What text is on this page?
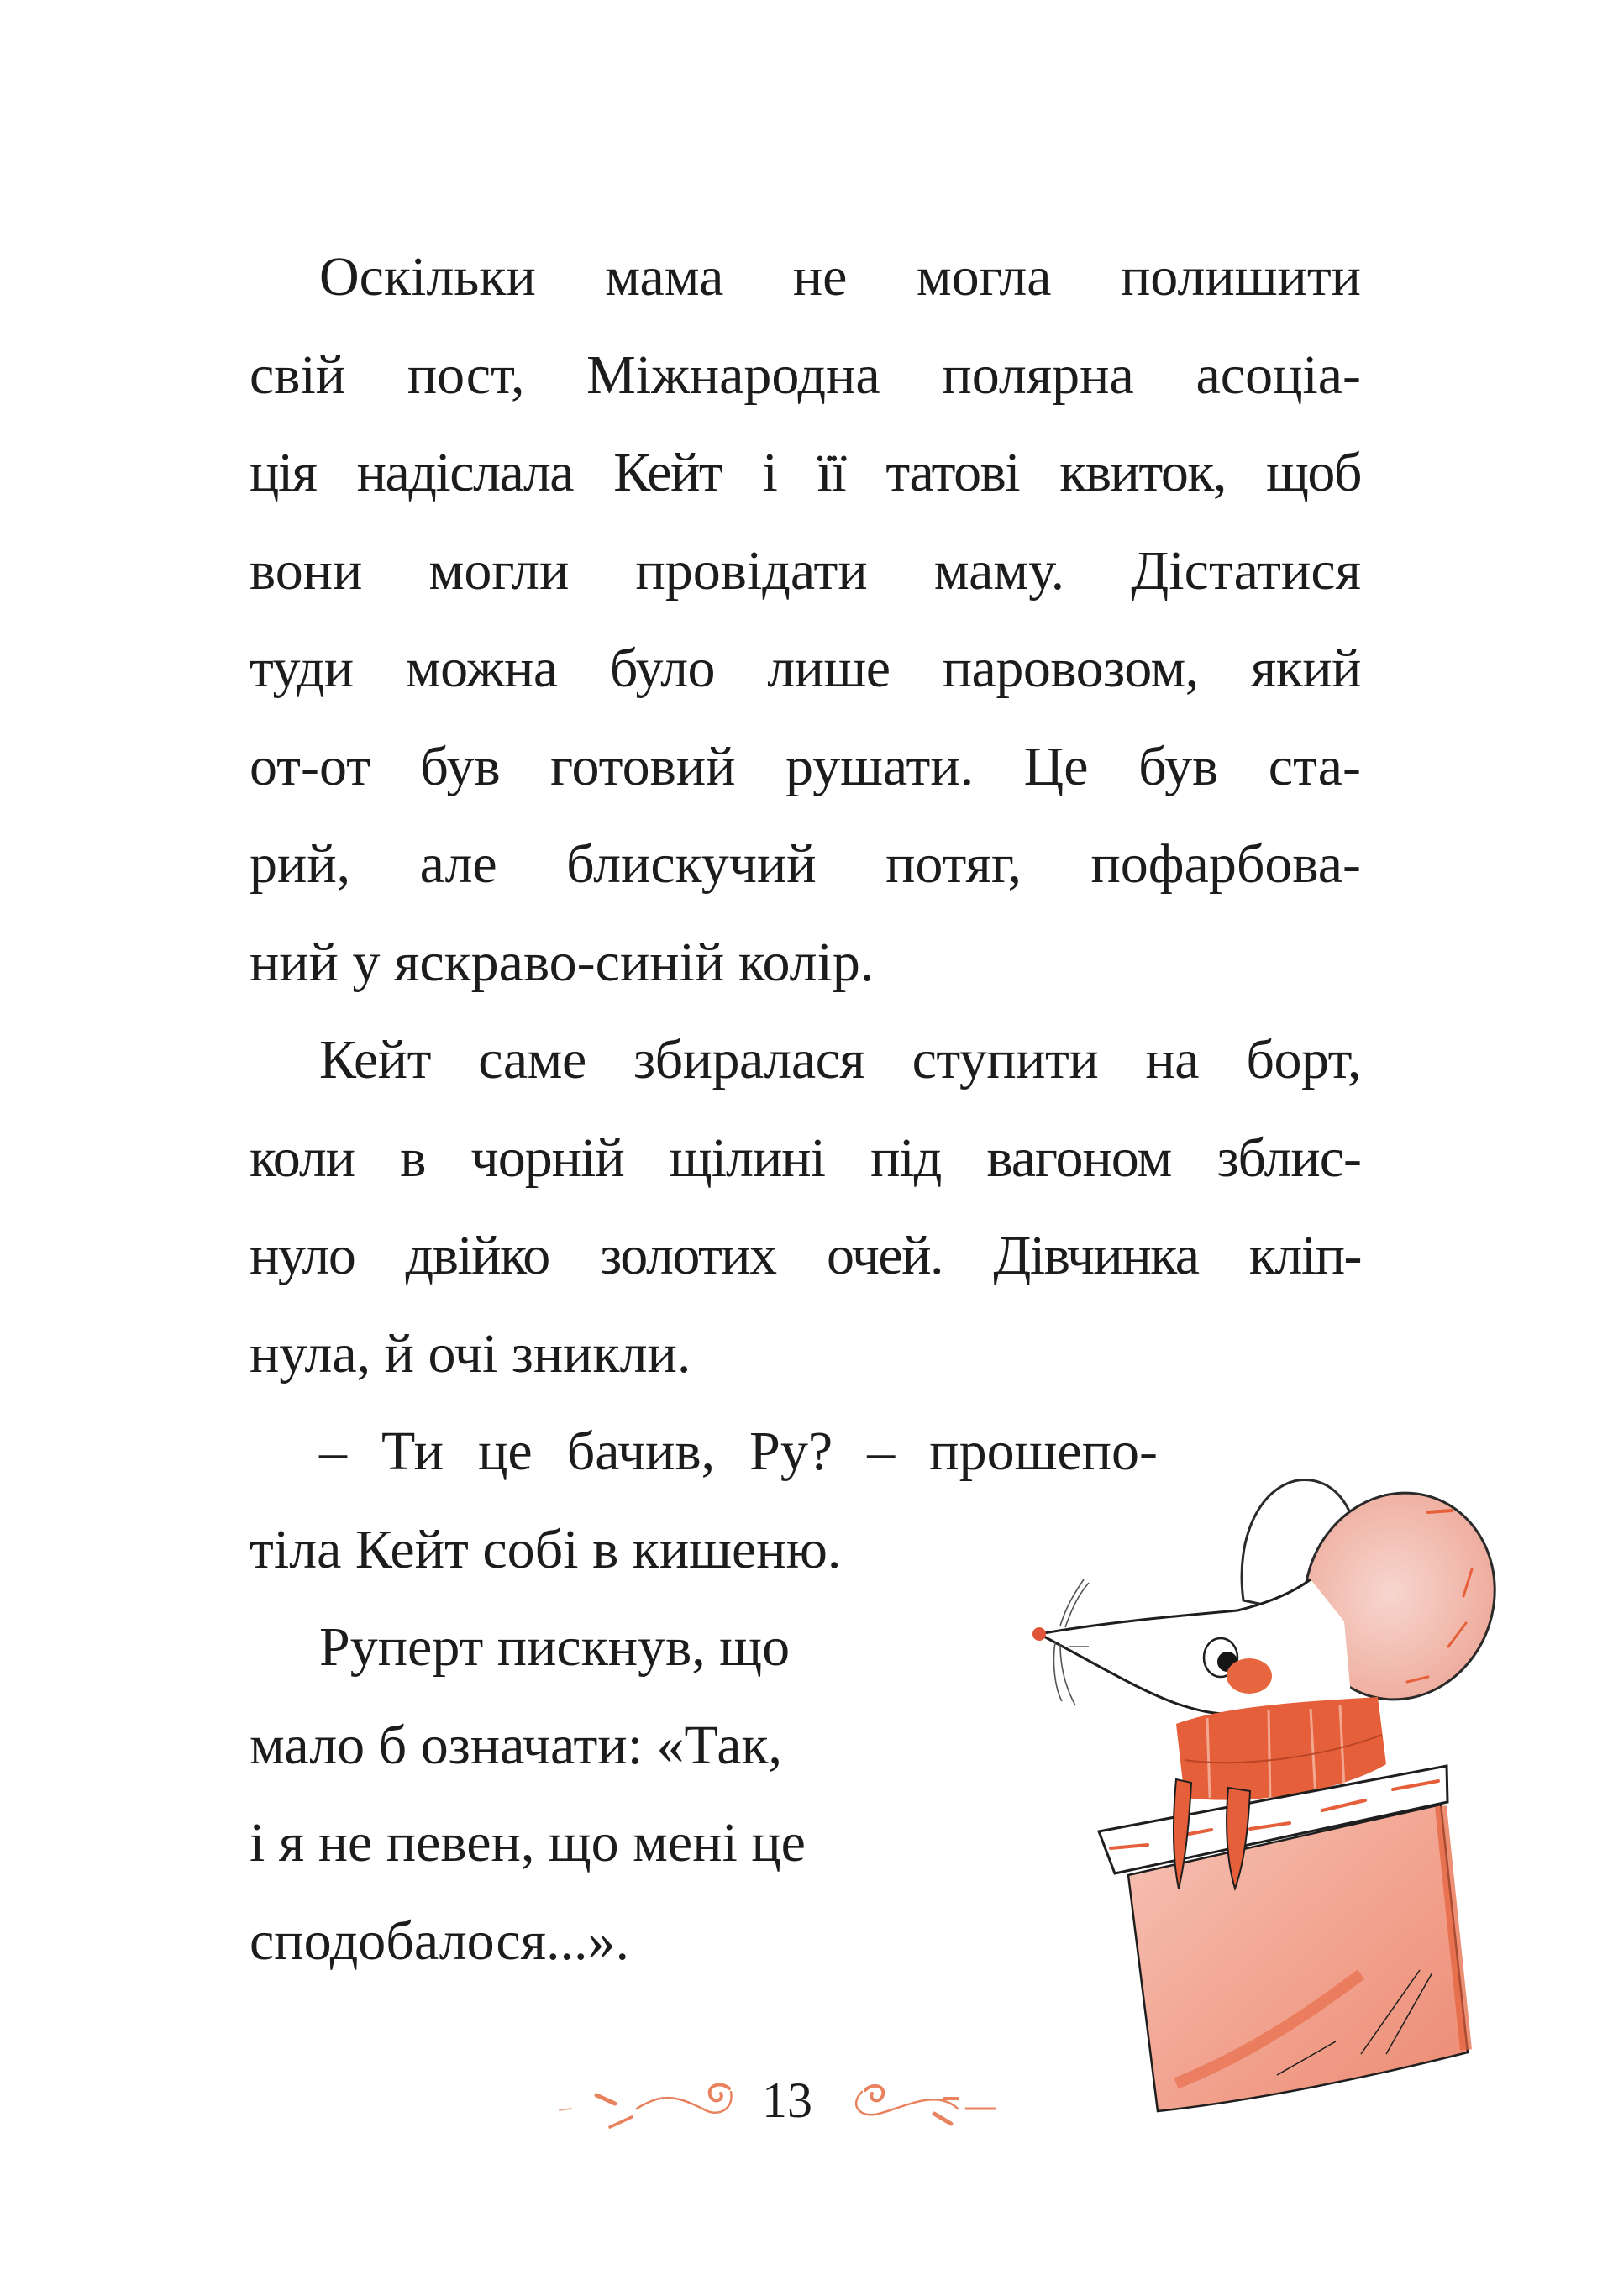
Оскільки мама не могла полишити
свій пост, Міжнародна полярна асоціа-
ція надіслала Кейт і її татові квиток, щоб
вони могли провідати маму. Дістатися
туди можна було лише паровозом, який
от-от був готовий рушати. Це був ста-
рий, але блискучий потяг, пофарбова-
ний у яскраво-синій колір.
Кейт саме збиралася ступити на борт,
коли в чорній щілині під вагоном зблис-
нуло двійко золотих очей. Дівчинка кліп-
нула, й очі зникли.
– Ти це бачив, Ру? – прошепо-
тіла Кейт собі в кишеню.
Руперт пискнув, що
мало б означати: «Так,
і я не певен, що мені це
сподобалося...».
13
